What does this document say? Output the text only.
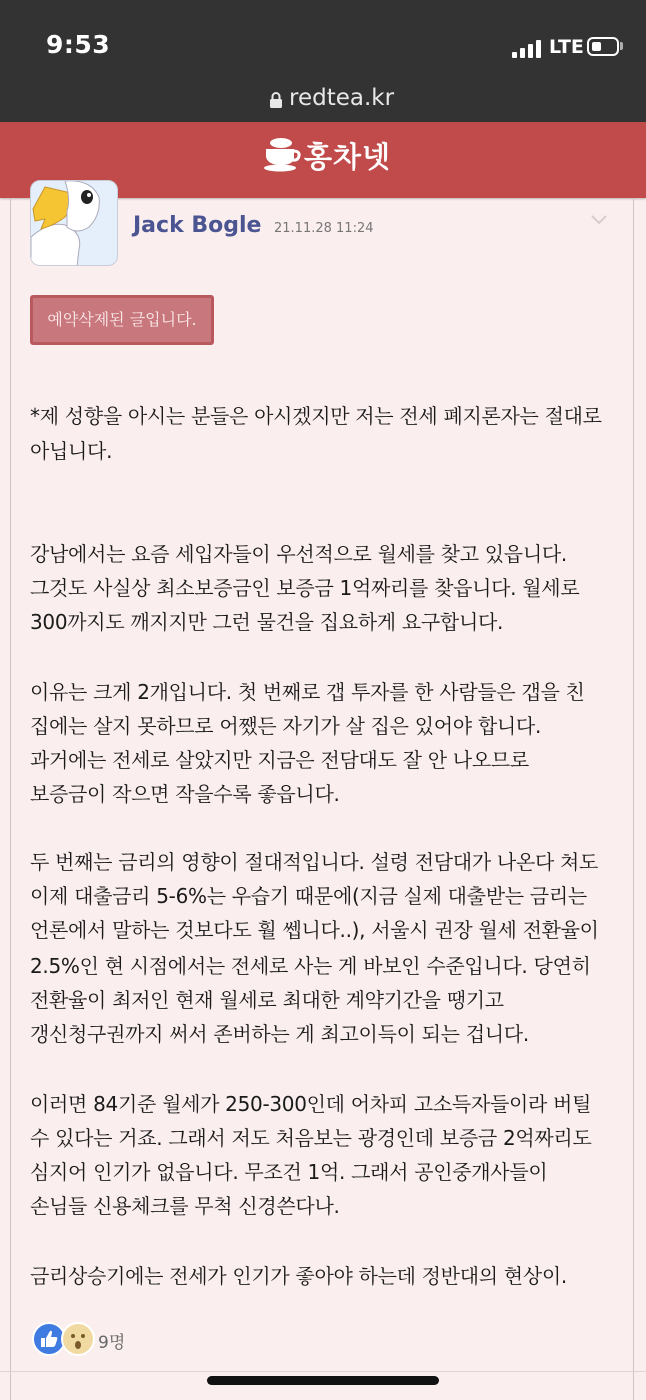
9:53	LTE
redtea.kr
홍차넷
Jack Bogle 21.11.28 11:24
예약삭제된 글입니다.
*제 성향을 아시는 분들은 아시겠지만 저는 전세 폐지론자는 절대로
아닙니다.
강남에서는 요즘 세입자들이 우선적으로 월세를 찾고 있읍니다.
그것도 사실상 최소보증금인 보증금 1억짜리를 찾읍니다. 월세로
300까지도 깨지지만 그런 물건을 집요하게 요구합니다.
이유는 크게 2개입니다. 첫 번째로 갭 투자를 한 사람들은 갭을 친
집에는 살지 못하므로 어쨌든 자기가 살 집은 있어야 합니다.
과거에는 전세로 살았지만 지금은 전담대도 잘 안 나오므로
보증금이 작으면 작을수록 좋읍니다.
두 번째는 금리의 영향이 절대적입니다. 설령 전담대가 나온다 쳐도
이제 대출금리 5-6%는 우습기 때문에(지금 실제 대출받는 금리는
언론에서 말하는 것보다도 훨 쎕니다..), 서울시 권장 월세 전환율이
2.5%인 현 시점에서는 전세로 사는 게 바보인 수준입니다. 당연히
전환율이 최저인 현재 월세로 최대한 계약기간을 땡기고
갱신청구권까지 써서 존버하는 게 최고이득이 되는 겁니다.
이러면 84기준 월세가 250-300인데 어차피 고소득자들이라 버틸
수 있다는 거죠. 그래서 저도 처음보는 광경인데 보증금 2억짜리도
심지어 인기가 없읍니다. 무조건 1억. 그래서 공인중개사들이
손님들 신용체크를 무척 신경쓴다나.
금리상승기에는 전세가 인기가 좋아야 하는데 정반대의 현상이.
9명
